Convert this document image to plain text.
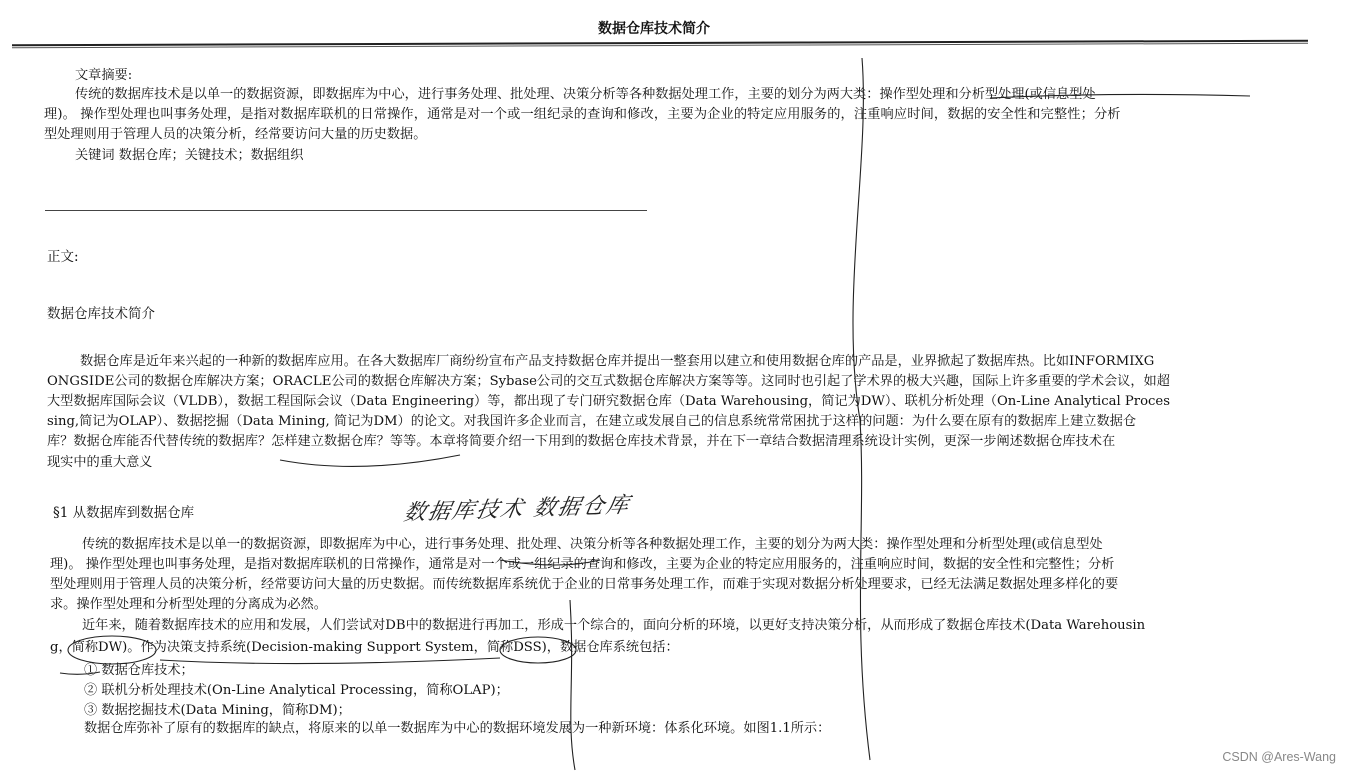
数据仓库技术简介
文章摘要:
传统的数据库技术是以单一的数据资源，即数据库为中心，进行事务处理、批处理、决策分析等各种数据处理工作，主要的划分为两大类：操作型处理和分析型处理(或信息型处
理)。 操作型处理也叫事务处理，是指对数据库联机的日常操作，通常是对一个或一组纪录的查询和修改，主要为企业的特定应用服务的，注重响应时间，数据的安全性和完整性；分析
型处理则用于管理人员的决策分析，经常要访问大量的历史数据。
关键词 数据仓库；关键技术；数据组织
正文:
数据仓库技术简介
数据仓库是近年来兴起的一种新的数据库应用。在各大数据库厂商纷纷宣布产品支持数据仓库并提出一整套用以建立和使用数据仓库的产品是，业界掀起了数据库热。比如INFORMIXG
ONGSIDE公司的数据仓库解决方案；ORACLE公司的数据仓库解决方案；Sybase公司的交互式数据仓库解决方案等等。这同时也引起了学术界的极大兴趣，国际上许多重要的学术会议，如超
大型数据库国际会议（VLDB），数据工程国际会议（Data Engineering）等，都出现了专门研究数据仓库（Data Warehousing，简记为DW）、联机分析处理（On-Line Analytical Proces
sing,简记为OLAP）、数据挖掘（Data Mining, 简记为DM）的论文。对我国许多企业而言，在建立或发展自己的信息系统常常困扰于这样的问题：为什么要在原有的数据库上建立数据仓
库？数据仓库能否代替传统的数据库？怎样建立数据仓库？等等。本章将简要介绍一下用到的数据仓库技术背景，并在下一章结合数据清理系统设计实例，更深一步阐述数据仓库技术在
现实中的重大意义
§1 从数据库到数据仓库	数据库技术 数据仓库
传统的数据库技术是以单一的数据资源，即数据库为中心，进行事务处理、批处理、决策分析等各种数据处理工作，主要的划分为两大类：操作型处理和分析型处理(或信息型处
理)。 操作型处理也叫事务处理，是指对数据库联机的日常操作，通常是对一个或一组纪录的查询和修改，主要为企业的特定应用服务的，注重响应时间，数据的安全性和完整性；分析
型处理则用于管理人员的决策分析，经常要访问大量的历史数据。而传统数据库系统优于企业的日常事务处理工作，而难于实现对数据分析处理要求，已经无法满足数据处理多样化的要
求。操作型处理和分析型处理的分离成为必然。
近年来，随着数据库技术的应用和发展，人们尝试对DB中的数据进行再加工，形成一个综合的，面向分析的环境，以更好支持决策分析，从而形成了数据仓库技术(Data Warehousin
g，简称DW)。作为决策支持系统(Decision-making Support System，简称DSS)，数据仓库系统包括：
① 数据仓库技术；
② 联机分析处理技术(On-Line Analytical Processing，简称OLAP)；
③ 数据挖掘技术(Data Mining，简称DM)；
数据仓库弥补了原有的数据库的缺点，将原来的以单一数据库为中心的数据环境发展为一种新环境：体系化环境。如图1.1所示：
CSDN @Ares-Wang
